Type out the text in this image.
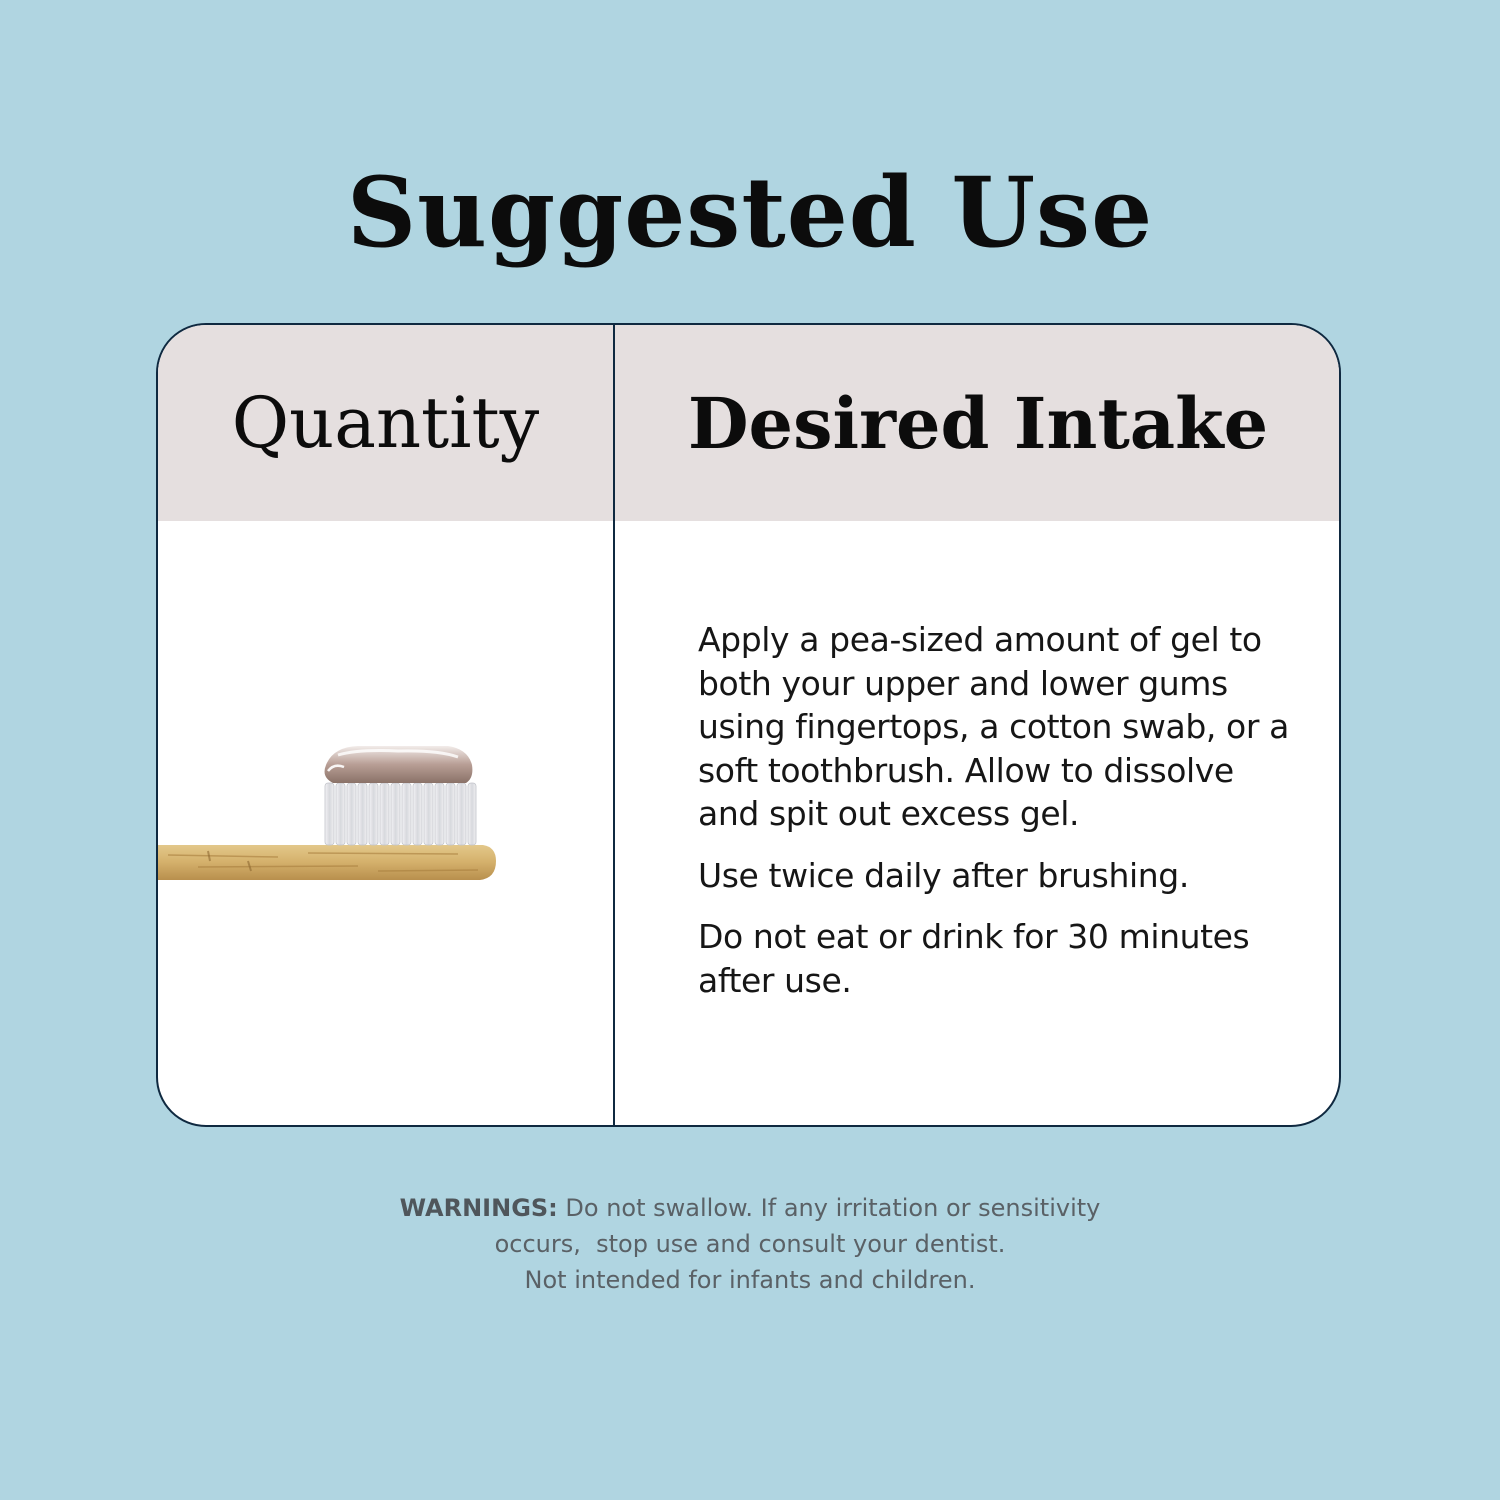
Suggested Use
Quantity	Desired Intake

Apply a pea-sized amount of gel to both your upper and lower gums using fingertops, a cotton swab, or a soft toothbrush. Allow to dissolve and spit out excess gel.

Use twice daily after brushing.

Do not eat or drink for 30 minutes after use.

WARNINGS: Do not swallow. If any irritation or sensitivity
occurs,  stop use and consult your dentist.
Not intended for infants and children.
